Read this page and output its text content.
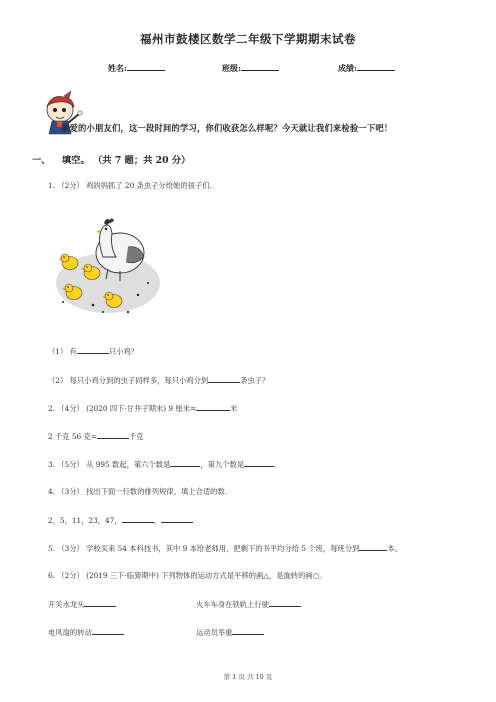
福州市鼓楼区数学二年级下学期期末试卷
姓名:	班级:	成绩:
亲爱的小朋友们，这一段时间的学习，你们收获怎么样呢？今天就让我们来检验一下吧！
一、 填空。 （共 7 题；共 20 分）
1. （2分） 鸡妈妈抓了 20 条虫子分给她的孩子们.
（1） 有	只小鸡？
（2） 每只小鸡分到的虫子同样多，每只小鸡分到	条虫子？
2. （4分） (2020 四下·甘井子期末) 9 厘米=	米
2 千克 56 克=	千克
3. （5分） 从 995 数起，第六个数是	，第九个数是	。
4. （3分） 找出下面一行数的排列规律，填上合适的数.
2，5，11，23，47，	，
5. （3分） 学校买来 54 本科技书，其中 9 本给老师用，把剩下的书平均分给 5 个班，每班分到	本。
6. （2分） (2019 三下·临猗期中) 下列物体的运动方式是平移的画△，是旋转的画○。
开关水龙头	火车车身在铁轨上行驶
电风扇的转动	运动员举重
第 1 页 共 10 页
